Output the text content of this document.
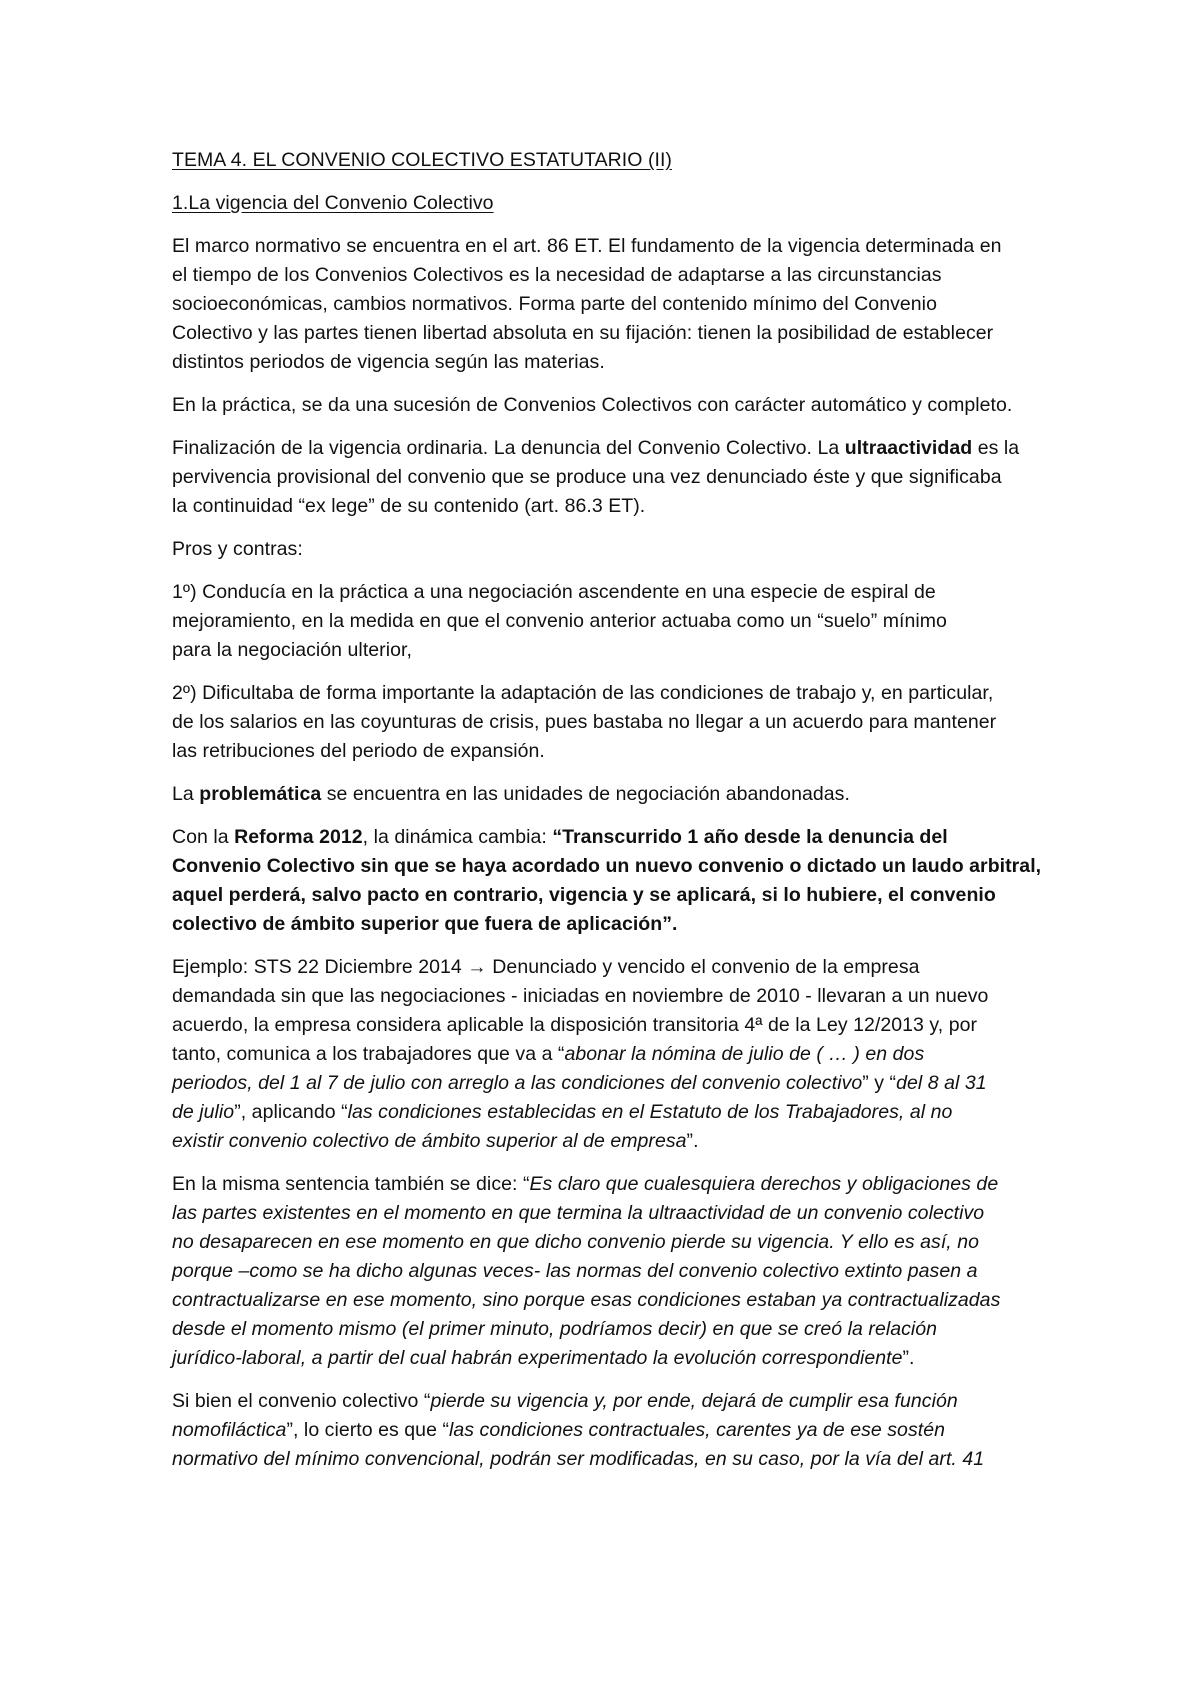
TEMA 4. EL CONVENIO COLECTIVO ESTATUTARIO (II)
1.La vigencia del Convenio Colectivo
El marco normativo se encuentra en el art. 86 ET. El fundamento de la vigencia determinada en
el tiempo de los Convenios Colectivos es la necesidad de adaptarse a las circunstancias
socioeconómicas, cambios normativos. Forma parte del contenido mínimo del Convenio
Colectivo y las partes tienen libertad absoluta en su fijación: tienen la posibilidad de establecer
distintos periodos de vigencia según las materias.
En la práctica, se da una sucesión de Convenios Colectivos con carácter automático y completo.
Finalización de la vigencia ordinaria. La denuncia del Convenio Colectivo. La ultraactividad es la
pervivencia provisional del convenio que se produce una vez denunciado éste y que significaba
la continuidad “ex lege” de su contenido (art. 86.3 ET).
Pros y contras:
1º) Conducía en la práctica a una negociación ascendente en una especie de espiral de
mejoramiento, en la medida en que el convenio anterior actuaba como un “suelo” mínimo
para la negociación ulterior,
2º) Dificultaba de forma importante la adaptación de las condiciones de trabajo y, en particular,
de los salarios en las coyunturas de crisis, pues bastaba no llegar a un acuerdo para mantener
las retribuciones del periodo de expansión.
La problemática se encuentra en las unidades de negociación abandonadas.
Con la Reforma 2012, la dinámica cambia: “Transcurrido 1 año desde la denuncia del
Convenio Colectivo sin que se haya acordado un nuevo convenio o dictado un laudo arbitral,
aquel perderá, salvo pacto en contrario, vigencia y se aplicará, si lo hubiere, el convenio
colectivo de ámbito superior que fuera de aplicación”.
Ejemplo: STS 22 Diciembre 2014 → Denunciado y vencido el convenio de la empresa
demandada sin que las negociaciones - iniciadas en noviembre de 2010 - llevaran a un nuevo
acuerdo, la empresa considera aplicable la disposición transitoria 4ª de la Ley 12/2013 y, por
tanto, comunica a los trabajadores que va a “abonar la nómina de julio de ( … ) en dos
periodos, del 1 al 7 de julio con arreglo a las condiciones del convenio colectivo” y “del 8 al 31
de julio”, aplicando “las condiciones establecidas en el Estatuto de los Trabajadores, al no
existir convenio colectivo de ámbito superior al de empresa”.
En la misma sentencia también se dice: “Es claro que cualesquiera derechos y obligaciones de
las partes existentes en el momento en que termina la ultraactividad de un convenio colectivo
no desaparecen en ese momento en que dicho convenio pierde su vigencia. Y ello es así, no
porque –como se ha dicho algunas veces- las normas del convenio colectivo extinto pasen a
contractualizarse en ese momento, sino porque esas condiciones estaban ya contractualizadas
desde el momento mismo (el primer minuto, podríamos decir) en que se creó la relación
jurídico-laboral, a partir del cual habrán experimentado la evolución correspondiente”.
Si bien el convenio colectivo “pierde su vigencia y, por ende, dejará de cumplir esa función
nomofiláctica”, lo cierto es que “las condiciones contractuales, carentes ya de ese sostén
normativo del mínimo convencional, podrán ser modificadas, en su caso, por la vía del art. 41
